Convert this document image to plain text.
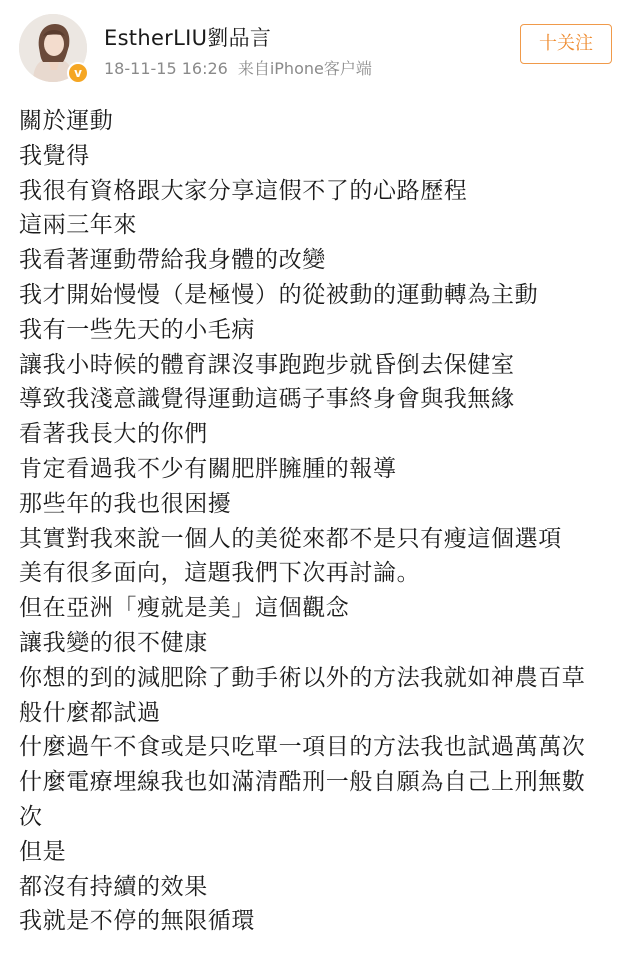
v
EstherLIU劉品言
18-11-15 16:26 来自iPhone客户端
十关注
關於運動
我覺得
我很有資格跟大家分享這假不了的心路歷程
這兩三年來
我看著運動帶給我身體的改變
我才開始慢慢（是極慢）的從被動的運動轉為主動
我有一些先天的小毛病
讓我小時候的體育課沒事跑跑步就昏倒去保健室
導致我淺意識覺得運動這碼子事終身會與我無緣
看著我長大的你們
肯定看過我不少有關肥胖臃腫的報導
那些年的我也很困擾
其實對我來說一個人的美從來都不是只有瘦這個選項
美有很多面向，這題我們下次再討論。
但在亞洲「瘦就是美」這個觀念
讓我變的很不健康
你想的到的減肥除了動手術以外的方法我就如神農百草
般什麼都試過
什麼過午不食或是只吃單一項目的方法我也試過萬萬次
什麼電療埋線我也如滿清酷刑一般自願為自己上刑無數
次
但是
都沒有持續的效果
我就是不停的無限循環
